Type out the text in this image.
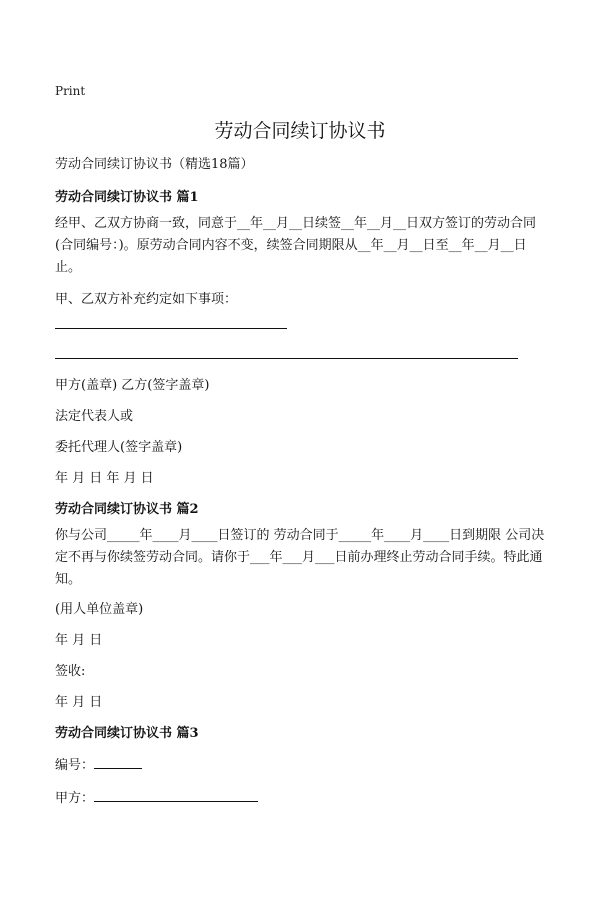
Print
劳动合同续订协议书

劳动合同续订协议书（精选18篇）

劳动合同续订协议书 篇1

经甲、乙双方协商一致，同意于__年__月__日续签__年__月__日双方签订的劳动合同(合同编号：)。原劳动合同内容不变，续签合同期限从__年__月__日至__年__月__日止。

甲、乙双方补充约定如下事项：

甲方(盖章) 乙方(签字盖章)

法定代表人或

委托代理人(签字盖章)

年 月 日 年 月 日

劳动合同续订协议书 篇2

你与公司_____年____月____日签订的 劳动合同于_____年____月____日到期限 公司决定不再与你续签劳动合同。请你于___年___月___日前办理终止劳动合同手续。特此通知。

(用人单位盖章)

年 月 日

签收:

年 月 日

劳动合同续订协议书 篇3

编号：

甲方：
